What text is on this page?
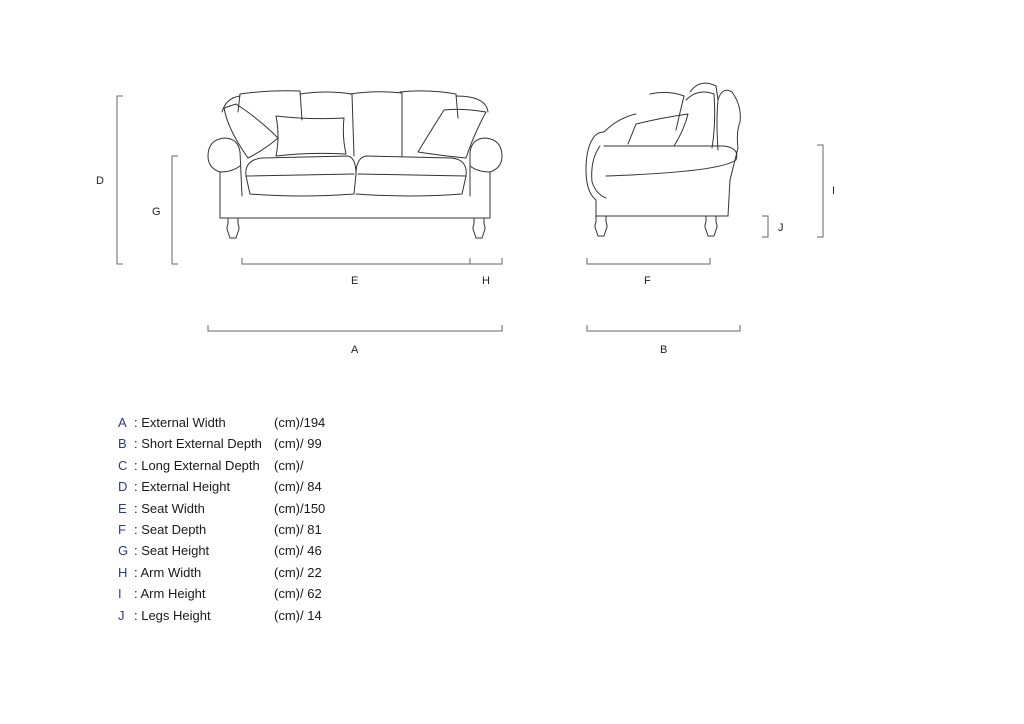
D
G
E	H	F
A	B
I
J
A : External Width	(cm)/194
B : Short External Depth (cm)/ 99
C : Long External Depth (cm)/
D : External Height	(cm)/ 84
E : Seat Width	(cm)/150
F : Seat Depth	(cm)/ 81
G : Seat Height	(cm)/ 46
H : Arm Width	(cm)/ 22
I : Arm Height	(cm)/ 62
J : Legs Height	(cm)/ 14
